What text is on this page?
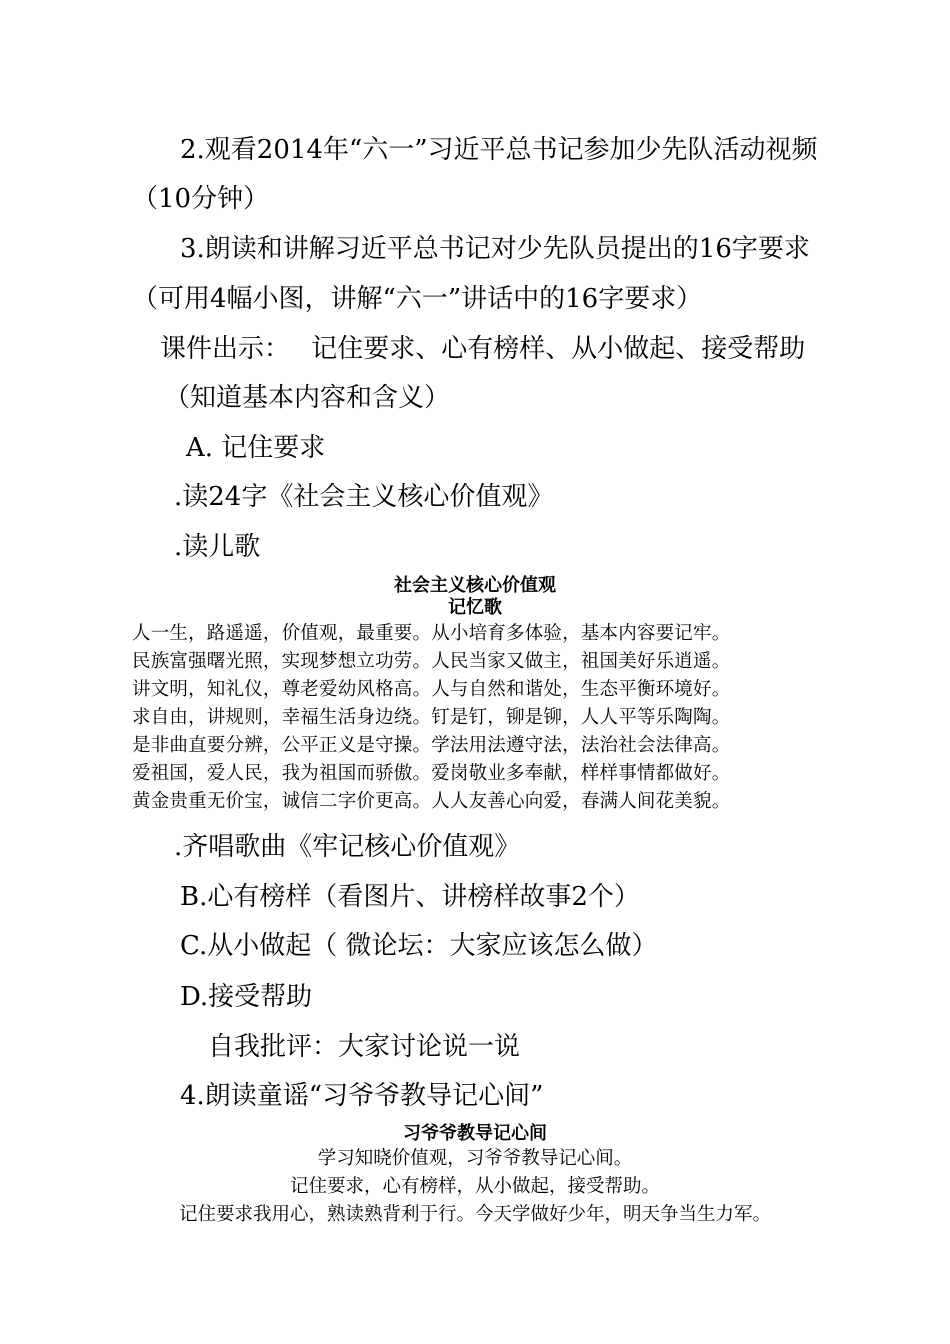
2.观看2014年“六一”习近平总书记参加少先队活动视频
（10分钟）
3.朗读和讲解习近平总书记对少先队员提出的16字要求
（可用4幅小图，讲解“六一”讲话中的16字要求）
课件出示：　 记住要求、心有榜样、从小做起、接受帮助
（知道基本内容和含义）
A. 记住要求
.读24字《社会主义核心价值观》
.读儿歌
社会主义核心价值观
记忆歌
人一生，路遥遥，价值观，最重要。从小培育多体验，基本内容要记牢。
民族富强曙光照，实现梦想立功劳。人民当家又做主，祖国美好乐逍遥。
讲文明，知礼仪，尊老爱幼风格高。人与自然和谐处，生态平衡环境好。
求自由，讲规则，幸福生活身边绕。钉是钉，铆是铆，人人平等乐陶陶。
是非曲直要分辨，公平正义是守操。学法用法遵守法，法治社会法律高。
爱祖国，爱人民，我为祖国而骄傲。爱岗敬业多奉献，样样事情都做好。
黄金贵重无价宝，诚信二字价更高。人人友善心向爱，春满人间花美貌。
.齐唱歌曲《牢记核心价值观》
B.心有榜样（看图片、讲榜样故事2个）
C.从小做起（ 微论坛：大家应该怎么做）
D.接受帮助
自我批评：大家讨论说一说
4.朗读童谣“习爷爷教导记心间”
习爷爷教导记心间
学习知晓价值观，习爷爷教导记心间。
记住要求，心有榜样，从小做起，接受帮助。
记住要求我用心，熟读熟背利于行。今天学做好少年，明天争当生力军。
